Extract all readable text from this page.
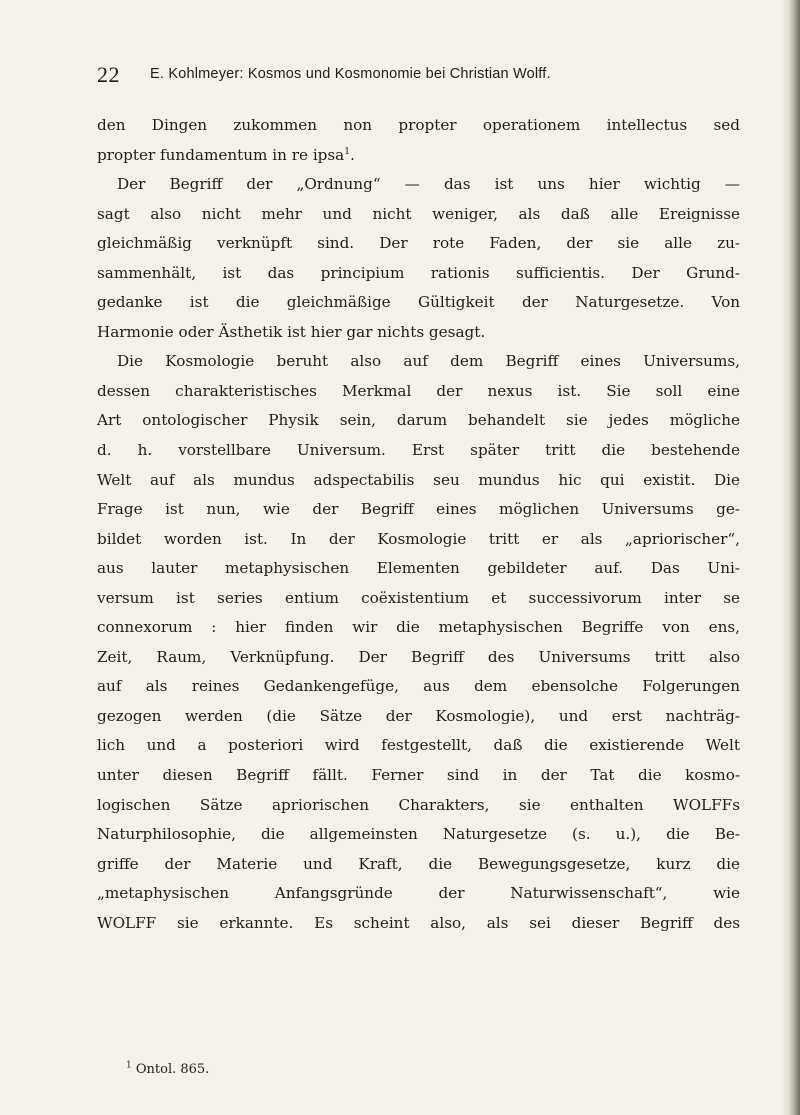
22 E. Kohlmeyer: Kosmos und Kosmonomie bei Christian Wolff.
den Dingen zukommen non propter operationem intellectus sed
propter fundamentum in re ipsa$^1$.
Der Begriff der „Ordnung“ — das ist uns hier wichtig —
sagt also nicht mehr und nicht weniger, als daß alle Ereignisse
gleichmäßig verknüpft sind. Der rote Faden, der sie alle zu-
sammenhält, ist das principium rationis sufficientis. Der Grund-
gedanke ist die gleichmäßige Gültigkeit der Naturgesetze. Von
Harmonie oder Ästhetik ist hier gar nichts gesagt.
Die Kosmologie beruht also auf dem Begriff eines Universums,
dessen charakteristisches Merkmal der nexus ist. Sie soll eine
Art ontologischer Physik sein, darum behandelt sie jedes mögliche
d. h. vorstellbare Universum. Erst später tritt die bestehende
Welt auf als mundus adspectabilis seu mundus hic qui existit. Die
Frage ist nun, wie der Begriff eines möglichen Universums ge-
bildet worden ist. In der Kosmologie tritt er als „apriorischer“,
aus lauter metaphysischen Elementen gebildeter auf. Das Uni-
versum ist series entium coëxistentium et successivorum inter se
connexorum : hier finden wir die metaphysischen Begriffe von ens,
Zeit, Raum, Verknüpfung. Der Begriff des Universums tritt also
auf als reines Gedankengefüge, aus dem ebensolche Folgerungen
gezogen werden (die Sätze der Kosmologie), und erst nachträg-
lich und a posteriori wird festgestellt, daß die existierende Welt
unter diesen Begriff fällt. Ferner sind in der Tat die kosmo-
logischen Sätze apriorischen Charakters, sie enthalten WOLFFs
Naturphilosophie, die allgemeinsten Naturgesetze (s. u.), die Be-
griffe der Materie und Kraft, die Bewegungsgesetze, kurz die
„metaphysischen Anfangsgründe der Naturwissenschaft“, wie
WOLFF sie erkannte. Es scheint also, als sei dieser Begriff des
$^1$ Ontol. 865.
